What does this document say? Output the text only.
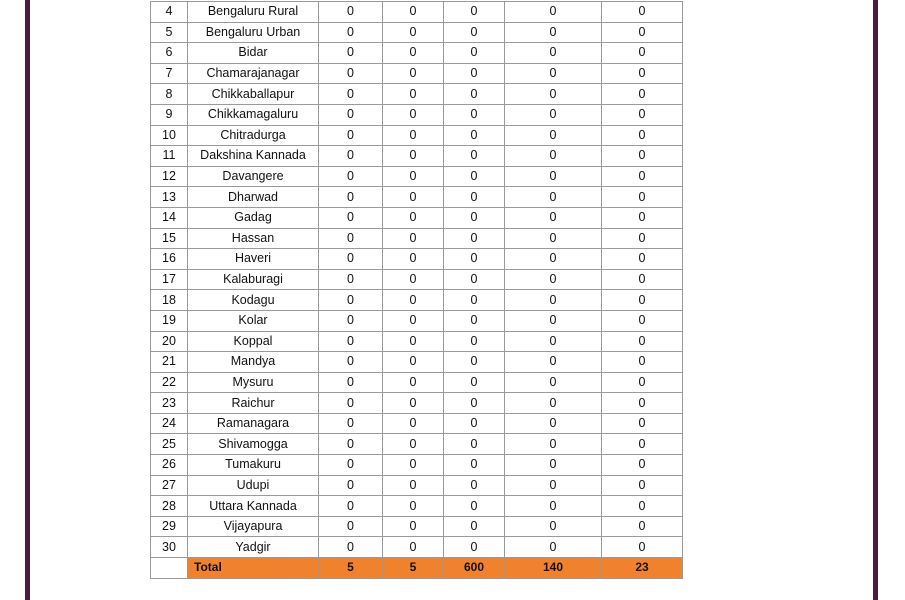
4	Bengaluru Rural	0	0	0	0	0
5	Bengaluru Urban	0	0	0	0	0
6	Bidar	0	0	0	0	0
7	Chamarajanagar	0	0	0	0	0
8	Chikkaballapur	0	0	0	0	0
9	Chikkamagaluru	0	0	0	0	0
10	Chitradurga	0	0	0	0	0
11	Dakshina Kannada	0	0	0	0	0
12	Davangere	0	0	0	0	0
13	Dharwad	0	0	0	0	0
14	Gadag	0	0	0	0	0
15	Hassan	0	0	0	0	0
16	Haveri	0	0	0	0	0
17	Kalaburagi	0	0	0	0	0
18	Kodagu	0	0	0	0	0
19	Kolar	0	0	0	0	0
20	Koppal	0	0	0	0	0
21	Mandya	0	0	0	0	0
22	Mysuru	0	0	0	0	0
23	Raichur	0	0	0	0	0
24	Ramanagara	0	0	0	0	0
25	Shivamogga	0	0	0	0	0
26	Tumakuru	0	0	0	0	0
27	Udupi	0	0	0	0	0
28	Uttara Kannada	0	0	0	0	0
29	Vijayapura	0	0	0	0	0
30	Yadgir	0	0	0	0	0
	Total	5	5	600	140	23
